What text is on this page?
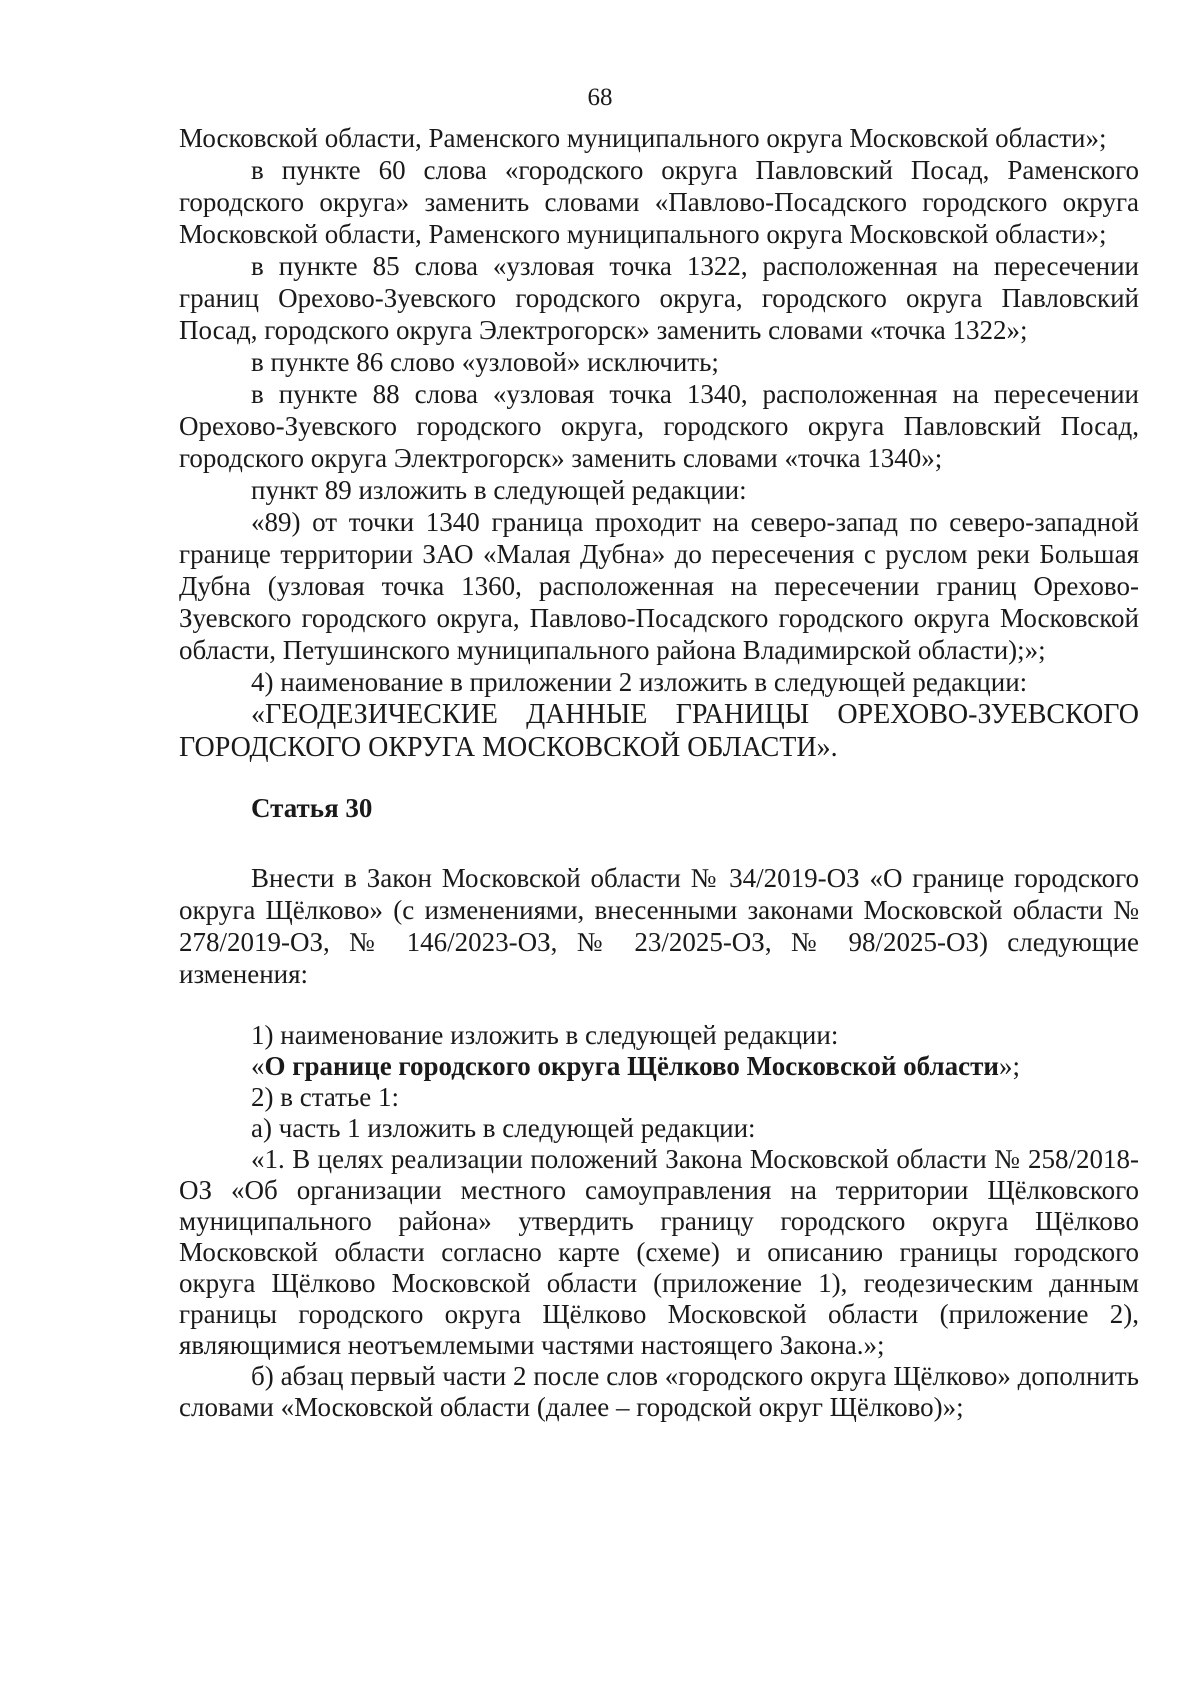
68

Московской области, Раменского муниципального округа Московской области»;

в пункте 60 слова «городского округа Павловский Посад, Раменского городского округа» заменить словами «Павлово-Посадского городского округа Московской области, Раменского муниципального округа Московской области»;

в пункте 85 слова «узловая точка 1322, расположенная на пересечении границ Орехово-Зуевского городского округа, городского округа Павловский Посад, городского округа Электрогорск» заменить словами «точка 1322»;

в пункте 86 слово «узловой» исключить;

в пункте 88 слова «узловая точка 1340, расположенная на пересечении Орехово-Зуевского городского округа, городского округа Павловский Посад, городского округа Электрогорск» заменить словами «точка 1340»;

пункт 89 изложить в следующей редакции:

«89) от точки 1340 граница проходит на северо-запад по северо-западной границе территории ЗАО «Малая Дубна» до пересечения с руслом реки Большая Дубна (узловая точка 1360, расположенная на пересечении границ Орехово-Зуевского городского округа, Павлово-Посадского городского округа Московской области, Петушинского муниципального района Владимирской области);»;

4) наименование в приложении 2 изложить в следующей редакции:

«ГЕОДЕЗИЧЕСКИЕ ДАННЫЕ ГРАНИЦЫ ОРЕХОВО-ЗУЕВСКОГО ГОРОДСКОГО ОКРУГА МОСКОВСКОЙ ОБЛАСТИ».

Статья 30

Внести в Закон Московской области № 34/2019-ОЗ «О границе городского округа Щёлково» (с изменениями, внесенными законами Московской области № 278/2019-ОЗ, № 146/2023-ОЗ, № 23/2025-ОЗ, № 98/2025-ОЗ) следующие изменения:

1) наименование изложить в следующей редакции:

«О границе городского округа Щёлково Московской области»;

2) в статье 1:

а) часть 1 изложить в следующей редакции:

«1. В целях реализации положений Закона Московской области № 258/2018-ОЗ «Об организации местного самоуправления на территории Щёлковского муниципального района» утвердить границу городского округа Щёлково Московской области согласно карте (схеме) и описанию границы городского округа Щёлково Московской области (приложение 1), геодезическим данным границы городского округа Щёлково Московской области (приложение 2), являющимися неотъемлемыми частями настоящего Закона.»;

б) абзац первый части 2 после слов «городского округа Щёлково» дополнить словами «Московской области (далее – городской округ Щёлково)»;
